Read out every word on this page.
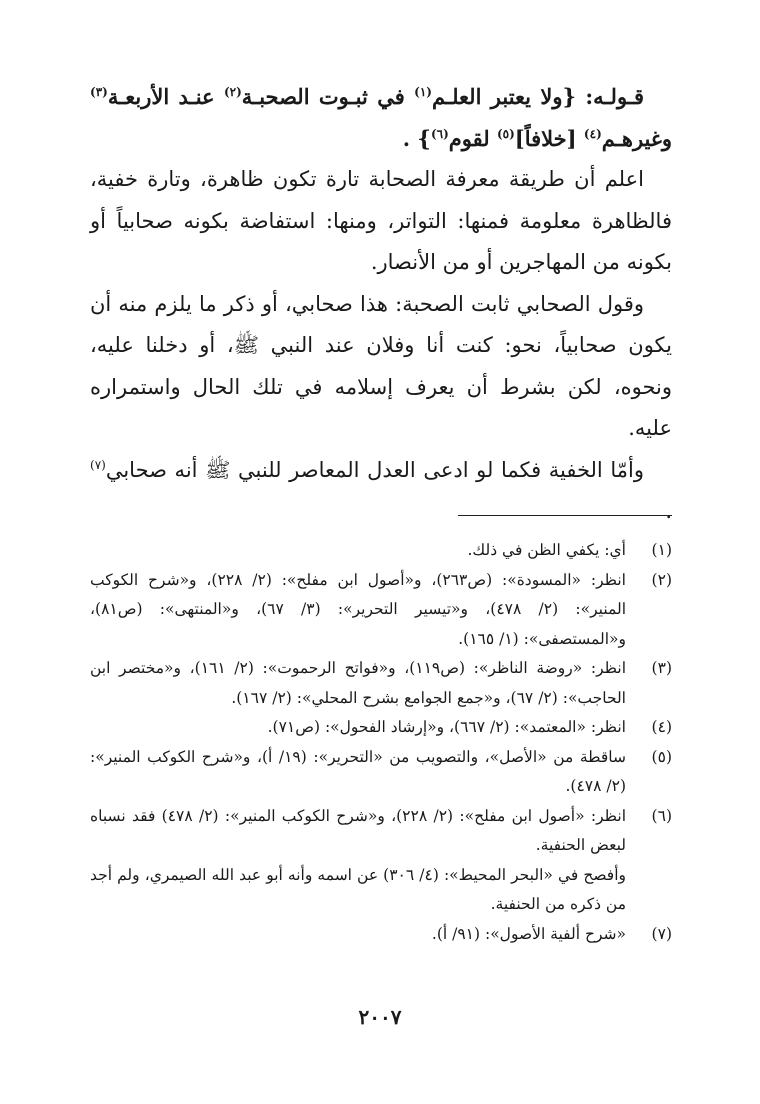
قـولـه: {ولا يعتبر العلـم$^{(١)}$ في ثبـوت الصحبـة$^{(٢)}$ عنـد الأربعـة$^{(٣)}$ وغيرهـم$^{(٤)}$ [خلافاً]$^{(٥)}$ لقوم$^{(٦)}$} .

اعلم أن طريقة معرفة الصحابة تارة تكون ظاهرة، وتارة خفية، فالظاهرة معلومة فمنها: التواتر، ومنها: استفاضة بكونه صحابياً أو بكونه من المهاجرين أو من الأنصار.

وقول الصحابي ثابت الصحبة: هذا صحابي، أو ذكر ما يلزم منه أن يكون صحابياً، نحو: كنت أنا وفلان عند النبي ﷺ، أو دخلنا عليه، ونحوه، لكن بشرط أن يعرف إسلامه في تلك الحال واستمراره عليه.

وأمّا الخفية فكما لو ادعى العدل المعاصر للنبي ﷺ أنه صحابي$^{(٧)}$ .

(١)
أي: يكفي الظن في ذلك.
(٢)
انظر: «المسودة»: (ص٢٦٣)، و«أصول ابن مفلح»: (٢/ ٢٢٨)، و«شرح الكوكب المنير»: (٢/ ٤٧٨)، و«تيسير التحرير»: (٣/ ٦٧)، و«المنتهى»: (ص٨١)، و«المستصفى»: (١/ ١٦٥).
(٣)
انظر: «روضة الناظر»: (ص١١٩)، و«فواتح الرحموت»: (٢/ ١٦١)، و«مختصر ابن الحاجب»: (٢/ ٦٧)، و«جمع الجوامع بشرح المحلي»: (٢/ ١٦٧).
(٤)
انظر: «المعتمد»: (٢/ ٦٦٧)، و«إرشاد الفحول»: (ص٧١).
(٥)
ساقطة من «الأصل»، والتصويب من «التحرير»: (١٩/ أ)، و«شرح الكوكب المنير»: (٢/ ٤٧٨).
(٦)
انظر: «أصول ابن مفلح»: (٢/ ٢٢٨)، و«شرح الكوكب المنير»: (٢/ ٤٧٨) فقد نسباه لبعض الحنفية.
وأفصح في «البحر المحيط»: (٤/ ٣٠٦) عن اسمه وأنه أبو عبد الله الصيمري، ولم أجد من ذكره من الحنفية.
(٧)
«شرح ألفية الأصول»: (٩١/ أ).
٢٠٠٧
